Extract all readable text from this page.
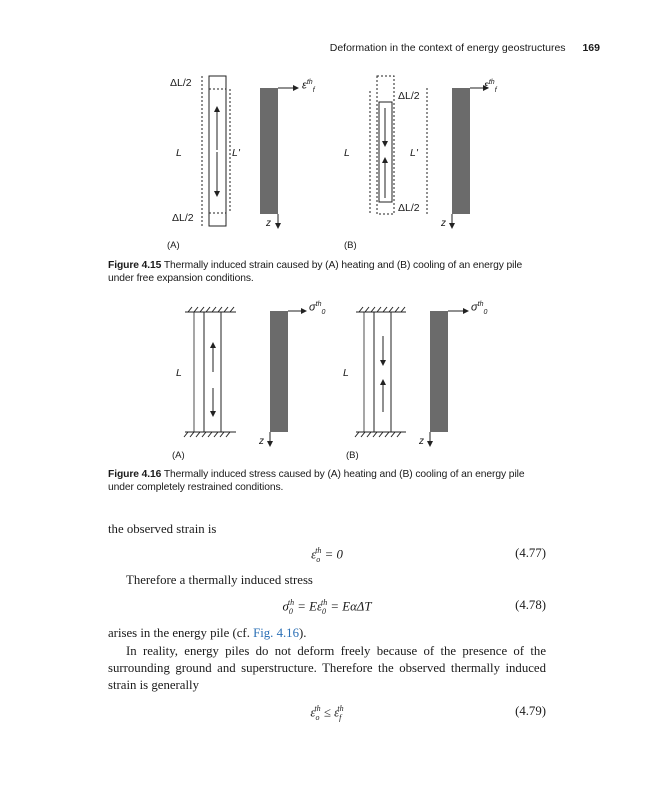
Deformation in the context of energy geostructures 169
ΔL/2
ΔL/2
L	L'
z
$\varepsilon^{th}_f$	ΔL/2
ΔL/2
L	L'
z
$\varepsilon^{th}_f$
(A)	(B)
Figure 4.15 Thermally induced strain caused by (A) heating and (B) cooling of an energy pile under free expansion conditions.
L	L
z	z
$\sigma^{th}_0$	$\sigma^{th}_0$
(A)	(B)
Figure 4.16 Thermally induced stress caused by (A) heating and (B) cooling of an energy pile under completely restrained conditions.
the observed strain is
$\varepsilon_o^{th} = 0$	(4.77)
Therefore a thermally induced stress
$\sigma_0^{th} = E\varepsilon_0^{th} = E\alpha\Delta T$	(4.78)
arises in the energy pile (cf. Fig. 4.16).
In reality, energy piles do not deform freely because of the presence of the surrounding ground and superstructure. Therefore the observed thermally induced strain is generally
$\varepsilon_o^{th} \le \varepsilon_f^{th}$	(4.79)
